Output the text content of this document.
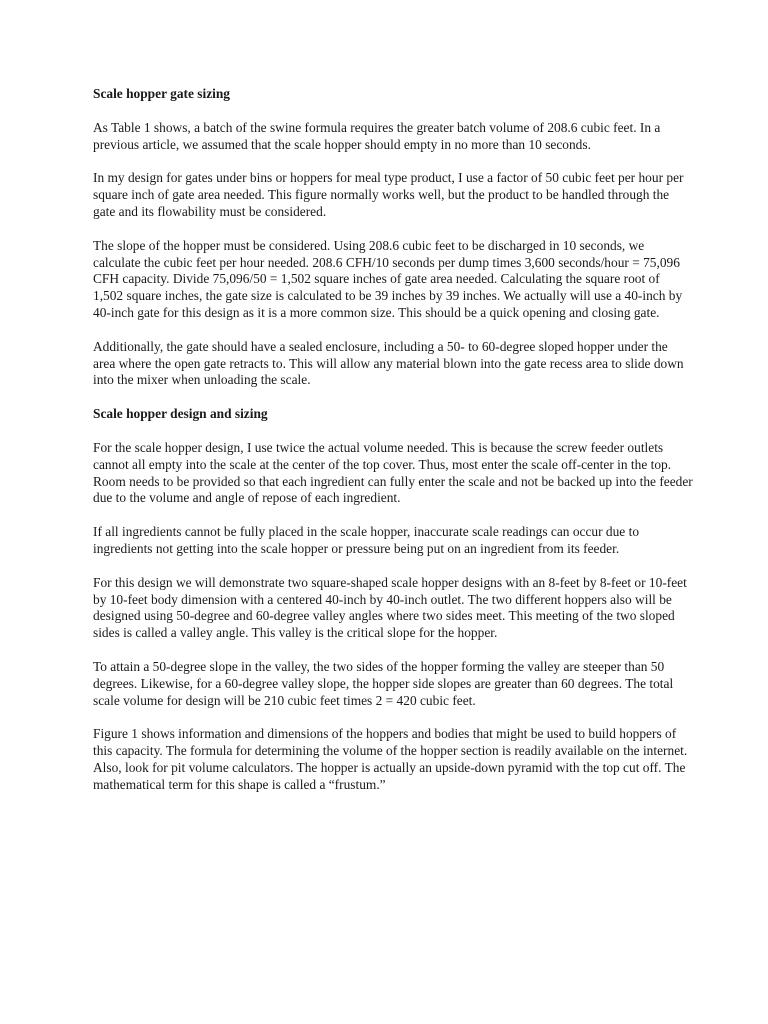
Scale hopper gate sizing

As Table 1 shows, a batch of the swine formula requires the greater batch volume of 208.6 cubic feet. In a previous article, we assumed that the scale hopper should empty in no more than 10 seconds.

In my design for gates under bins or hoppers for meal type product, I use a factor of 50 cubic feet per hour per square inch of gate area needed. This figure normally works well, but the product to be handled through the gate and its flowability must be considered.

The slope of the hopper must be considered. Using 208.6 cubic feet to be discharged in 10 seconds, we calculate the cubic feet per hour needed. 208.6 CFH/10 seconds per dump times 3,600 seconds/hour = 75,096 CFH capacity. Divide 75,096/50 = 1,502 square inches of gate area needed. Calculating the square root of 1,502 square inches, the gate size is calculated to be 39 inches by 39 inches. We actually will use a 40-inch by 40-inch gate for this design as it is a more common size. This should be a quick opening and closing gate.

Additionally, the gate should have a sealed enclosure, including a 50- to 60-degree sloped hopper under the area where the open gate retracts to. This will allow any material blown into the gate recess area to slide down into the mixer when unloading the scale.

Scale hopper design and sizing

For the scale hopper design, I use twice the actual volume needed. This is because the screw feeder outlets cannot all empty into the scale at the center of the top cover. Thus, most enter the scale off-center in the top. Room needs to be provided so that each ingredient can fully enter the scale and not be backed up into the feeder due to the volume and angle of repose of each ingredient.

If all ingredients cannot be fully placed in the scale hopper, inaccurate scale readings can occur due to ingredients not getting into the scale hopper or pressure being put on an ingredient from its feeder.

For this design we will demonstrate two square-shaped scale hopper designs with an 8-feet by 8-feet or 10-feet by 10-feet body dimension with a centered 40-inch by 40-inch outlet. The two different hoppers also will be designed using 50-degree and 60-degree valley angles where two sides meet. This meeting of the two sloped sides is called a valley angle. This valley is the critical slope for the hopper.

To attain a 50-degree slope in the valley, the two sides of the hopper forming the valley are steeper than 50 degrees. Likewise, for a 60-degree valley slope, the hopper side slopes are greater than 60 degrees. The total scale volume for design will be 210 cubic feet times 2 = 420 cubic feet.

Figure 1 shows information and dimensions of the hoppers and bodies that might be used to build hoppers of this capacity. The formula for determining the volume of the hopper section is readily available on the internet. Also, look for pit volume calculators. The hopper is actually an upside-down pyramid with the top cut off. The mathematical term for this shape is called a “frustum.”
